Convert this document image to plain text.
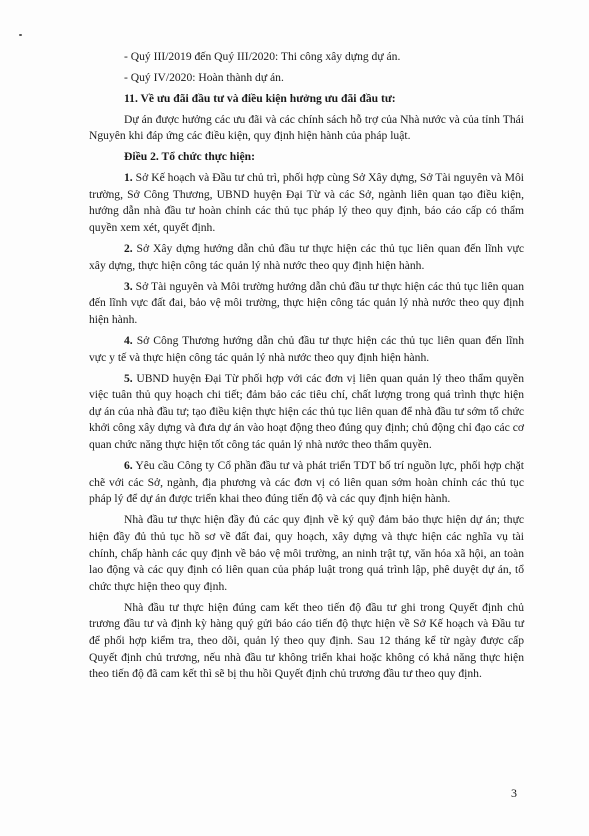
- Quý III/2019 đến Quý III/2020: Thi công xây dựng dự án.

- Quý IV/2020: Hoàn thành dự án.

11. Về ưu đãi đầu tư và điều kiện hưởng ưu đãi đầu tư:

Dự án được hưởng các ưu đãi và các chính sách hỗ trợ của Nhà nước và của tỉnh Thái Nguyên khi đáp ứng các điều kiện, quy định hiện hành của pháp luật.

Điều 2. Tổ chức thực hiện:

1. Sở Kế hoạch và Đầu tư chủ trì, phối hợp cùng Sở Xây dựng, Sở Tài nguyên và Môi trường, Sở Công Thương, UBND huyện Đại Từ và các Sở, ngành liên quan tạo điều kiện, hướng dẫn nhà đầu tư hoàn chỉnh các thủ tục pháp lý theo quy định, báo cáo cấp có thẩm quyền xem xét, quyết định.

2. Sở Xây dựng hướng dẫn chủ đầu tư thực hiện các thủ tục liên quan đến lĩnh vực xây dựng, thực hiện công tác quản lý nhà nước theo quy định hiện hành.

3. Sở Tài nguyên và Môi trường hướng dẫn chủ đầu tư thực hiện các thủ tục liên quan đến lĩnh vực đất đai, bảo vệ môi trường, thực hiện công tác quản lý nhà nước theo quy định hiện hành.

4. Sở Công Thương hướng dẫn chủ đầu tư thực hiện các thủ tục liên quan đến lĩnh vực y tế và thực hiện công tác quản lý nhà nước theo quy định hiện hành.

5. UBND huyện Đại Từ phối hợp với các đơn vị liên quan quản lý theo thẩm quyền việc tuân thủ quy hoạch chi tiết; đảm bảo các tiêu chí, chất lượng trong quá trình thực hiện dự án của nhà đầu tư; tạo điều kiện thực hiện các thủ tục liên quan để nhà đầu tư sớm tổ chức khởi công xây dựng và đưa dự án vào hoạt động theo đúng quy định; chủ động chỉ đạo các cơ quan chức năng thực hiện tốt công tác quản lý nhà nước theo thẩm quyền.

6. Yêu cầu Công ty Cổ phần đầu tư và phát triển TDT bố trí nguồn lực, phối hợp chặt chẽ với các Sở, ngành, địa phương và các đơn vị có liên quan sớm hoàn chỉnh các thủ tục pháp lý để dự án được triển khai theo đúng tiến độ và các quy định hiện hành.

Nhà đầu tư thực hiện đầy đủ các quy định về ký quỹ đảm bảo thực hiện dự án; thực hiện đầy đủ thủ tục hồ sơ về đất đai, quy hoạch, xây dựng và thực hiện các nghĩa vụ tài chính, chấp hành các quy định về bảo vệ môi trường, an ninh trật tự, văn hóa xã hội, an toàn lao động và các quy định có liên quan của pháp luật trong quá trình lập, phê duyệt dự án, tổ chức thực hiện theo quy định.

Nhà đầu tư thực hiện đúng cam kết theo tiến độ đầu tư ghi trong Quyết định chủ trương đầu tư và định kỳ hàng quý gửi báo cáo tiến độ thực hiện về Sở Kế hoạch và Đầu tư để phối hợp kiểm tra, theo dõi, quản lý theo quy định. Sau 12 tháng kể từ ngày được cấp Quyết định chủ trương, nếu nhà đầu tư không triển khai hoặc không có khả năng thực hiện theo tiến độ đã cam kết thì sẽ bị thu hồi Quyết định chủ trương đầu tư theo quy định.

3
